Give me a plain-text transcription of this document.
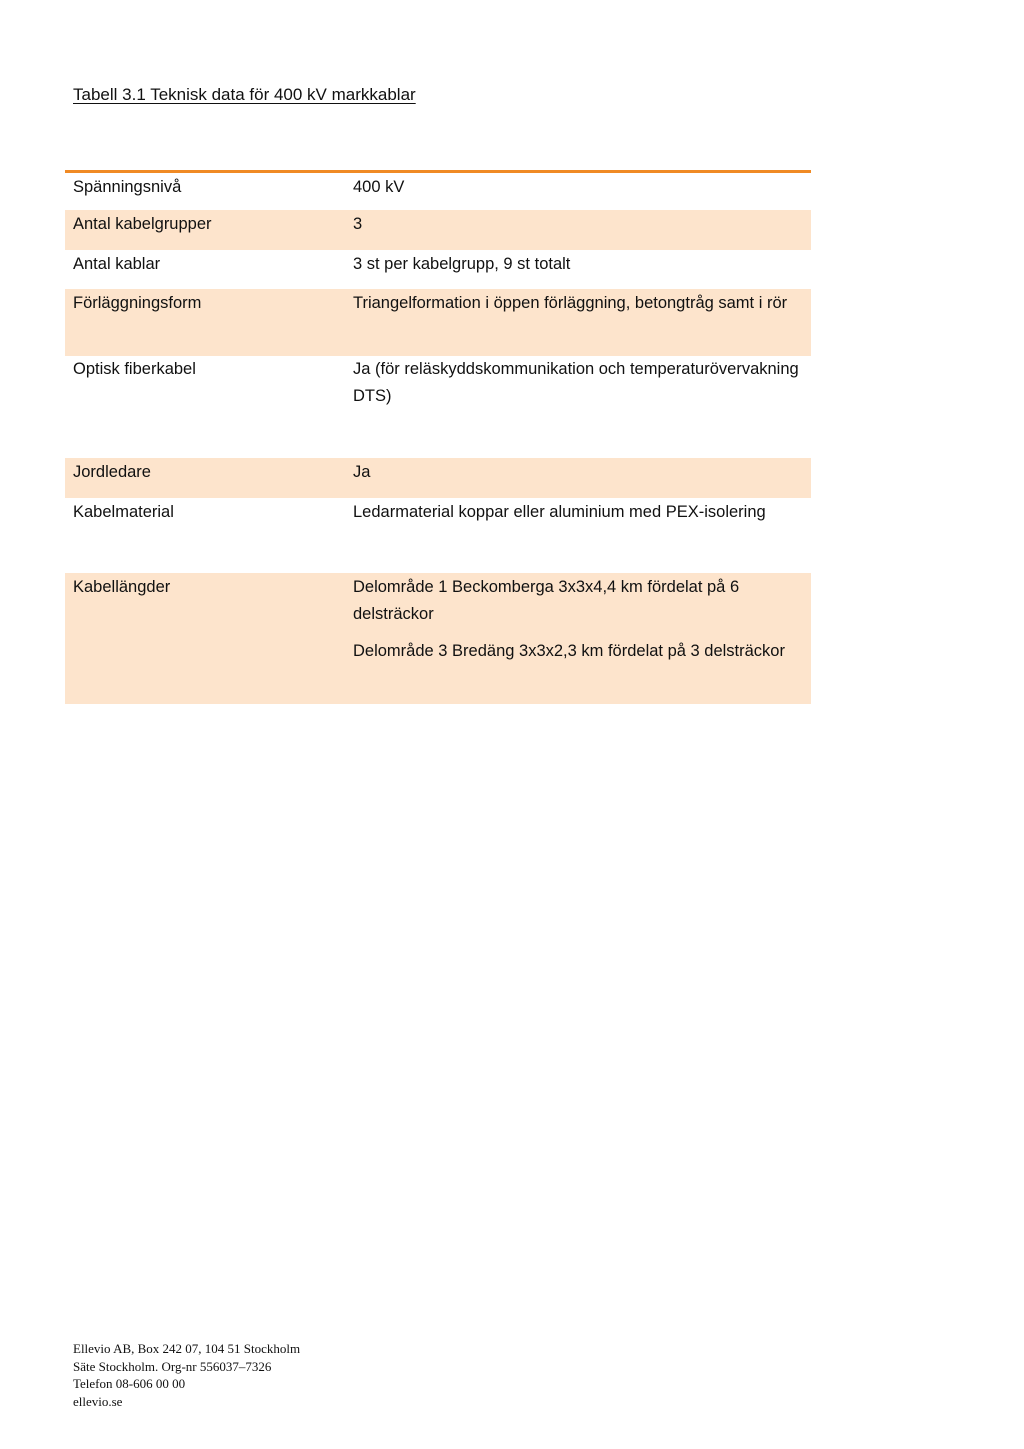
Tabell 3.1 Teknisk data för 400 kV markkablar
Spänningsnivå	400 kV

Antal kabelgrupper	3

Antal kablar	3 st per kabelgrupp, 9 st totalt

Förläggningsform	Triangelformation i öppen förläggning, betongtråg samt i rör

Optisk fiberkabel	Ja (för reläskyddskommunikation och temperaturövervakning DTS)

Jordledare	Ja

Kabelmaterial	Ledarmaterial koppar eller aluminium med PEX-isolering

Kabellängder	Delområde 1 Beckomberga 3x3x4,4 km fördelat på 6 delsträckor

Delområde 3 Bredäng 3x3x2,3 km fördelat på 3 delsträckor

Ellevio AB, Box 242 07, 104 51 Stockholm
Säte Stockholm. Org-nr 556037–7326
Telefon 08-606 00 00
ellevio.se
